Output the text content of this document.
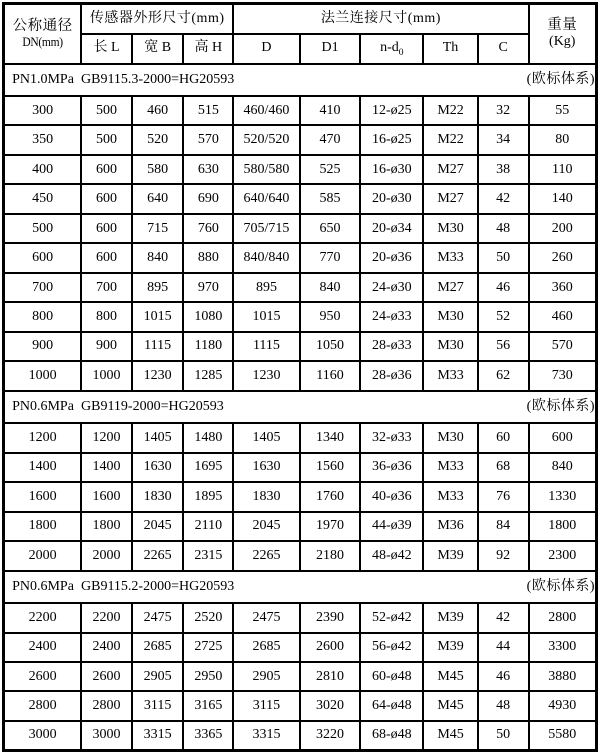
公称通径
DN(mm)
	传感器外形尺寸(mm)	法兰连接尺寸(mm)	重量
(Kg)

	长 L	宽 B	高 H	D	D1	$n-d_0$	Th	C	

PN1.0MPa GB9115.3-2000=HG20593 (欧标体系)									

300	500	460	515	460/460	410	12-ø25	M22	32	55
350	500	520	570	520/520	470	16-ø25	M22	34	80
400	600	580	630	580/580	525	16-ø30	M27	38	110
450	600	640	690	640/640	585	20-ø30	M27	42	140
500	600	715	760	705/715	650	20-ø34	M30	48	200
600	600	840	880	840/840	770	20-ø36	M33	50	260
700	700	895	970	895	840	24-ø30	M27	46	360
800	800	1015	1080	1015	950	24-ø33	M30	52	460
900	900	1115	1180	1115	1050	28-ø33	M30	56	570
1000	1000	1230	1285	1230	1160	28-ø36	M33	62	730

PN0.6MPa GB9119-2000=HG20593 (欧标体系)									

1200	1200	1405	1480	1405	1340	32-ø33	M30	60	600
1400	1400	1630	1695	1630	1560	36-ø36	M33	68	840
1600	1600	1830	1895	1830	1760	40-ø36	M33	76	1330
1800	1800	2045	2110	2045	1970	44-ø39	M36	84	1800
2000	2000	2265	2315	2265	2180	48-ø42	M39	92	2300

PN0.6MPa GB9115.2-2000=HG20593 (欧标体系)									

2200	2200	2475	2520	2475	2390	52-ø42	M39	42	2800
2400	2400	2685	2725	2685	2600	56-ø42	M39	44	3300
2600	2600	2905	2950	2905	2810	60-ø48	M45	46	3880
2800	2800	3115	3165	3115	3020	64-ø48	M45	48	4930
3000	3000	3315	3365	3315	3220	68-ø48	M45	50	5580
